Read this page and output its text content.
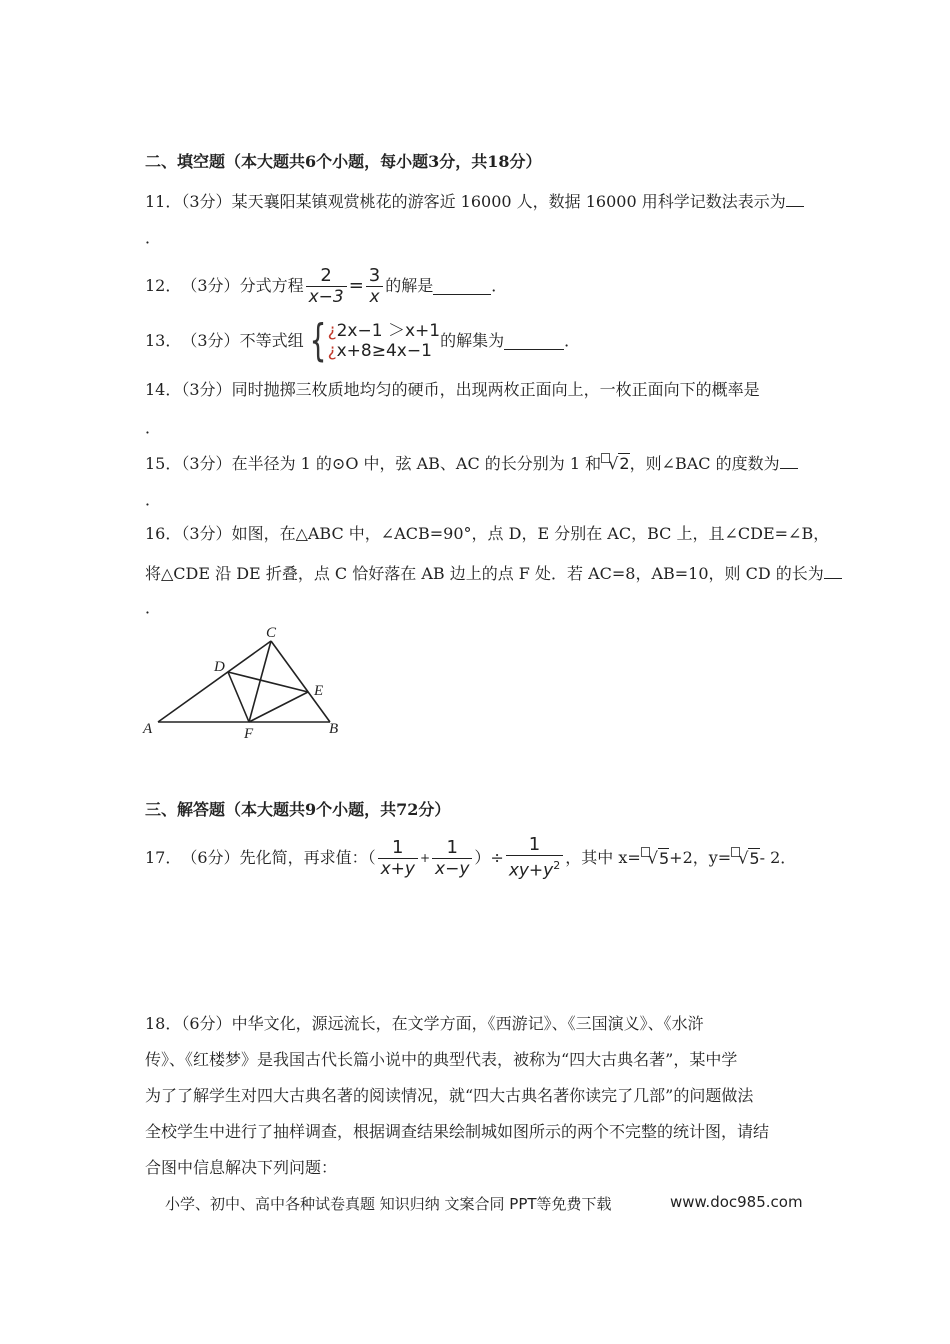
二、填空题（本大题共6个小题，每小题3分，共18分）
11．（3分）某天襄阳某镇观赏桃花的游客近 16000 人，数据 16000 用科学记数法表示为
．
12． （3分） 分式方程 $\frac{2}{x-3} = \frac{3}{x}$ 的解是	．
13． （3分） 不等式组 { ¿2x−1 ＞x+1
¿x+8≥4x−1
的解集为	．
14．（3分）同时抛掷三枚质地均匀的硬币，出现两枚正面向上，一枚正面向下的概率是
．
15．（3分）在半径为 1 的⊙O 中，弦 AB、AC 的长分别为 1 和 √2，则∠BAC 的度数为
．
16．（3分）如图，在△ABC 中，∠ACB=90°，点 D，E 分别在 AC，BC 上，且∠CDE=∠B，
将△CDE 沿 DE 折叠，点 C 恰好落在 AB 边上的点 F 处．若 AC=8，AB=10，则 CD 的长为
．
C
D
E
A	F	B
三、解答题（本大题共9个小题，共72分）
17． （6分） 先化简，再求值：（ $\frac{1}{x+y} + \frac{1}{x-y}$ ）÷ $\frac{1}{xy+y^2}$ ，其中 x= √5 +2，y= √5 - 2．
18．（6分）中华文化，源远流长，在文学方面，《西游记》、《三国演义》、《水浒
传》、《红楼梦》是我国古代长篇小说中的典型代表，被称为“四大古典名著”，某中学
为了了解学生对四大古典名著的阅读情况，就“四大古典名著你读完了几部”的问题做法
全校学生中进行了抽样调查，根据调查结果绘制城如图所示的两个不完整的统计图，请结
合图中信息解决下列问题：
小学、初中、高中各种试卷真题 知识归纳 文案合同 PPT等免费下载	www.doc985.com
